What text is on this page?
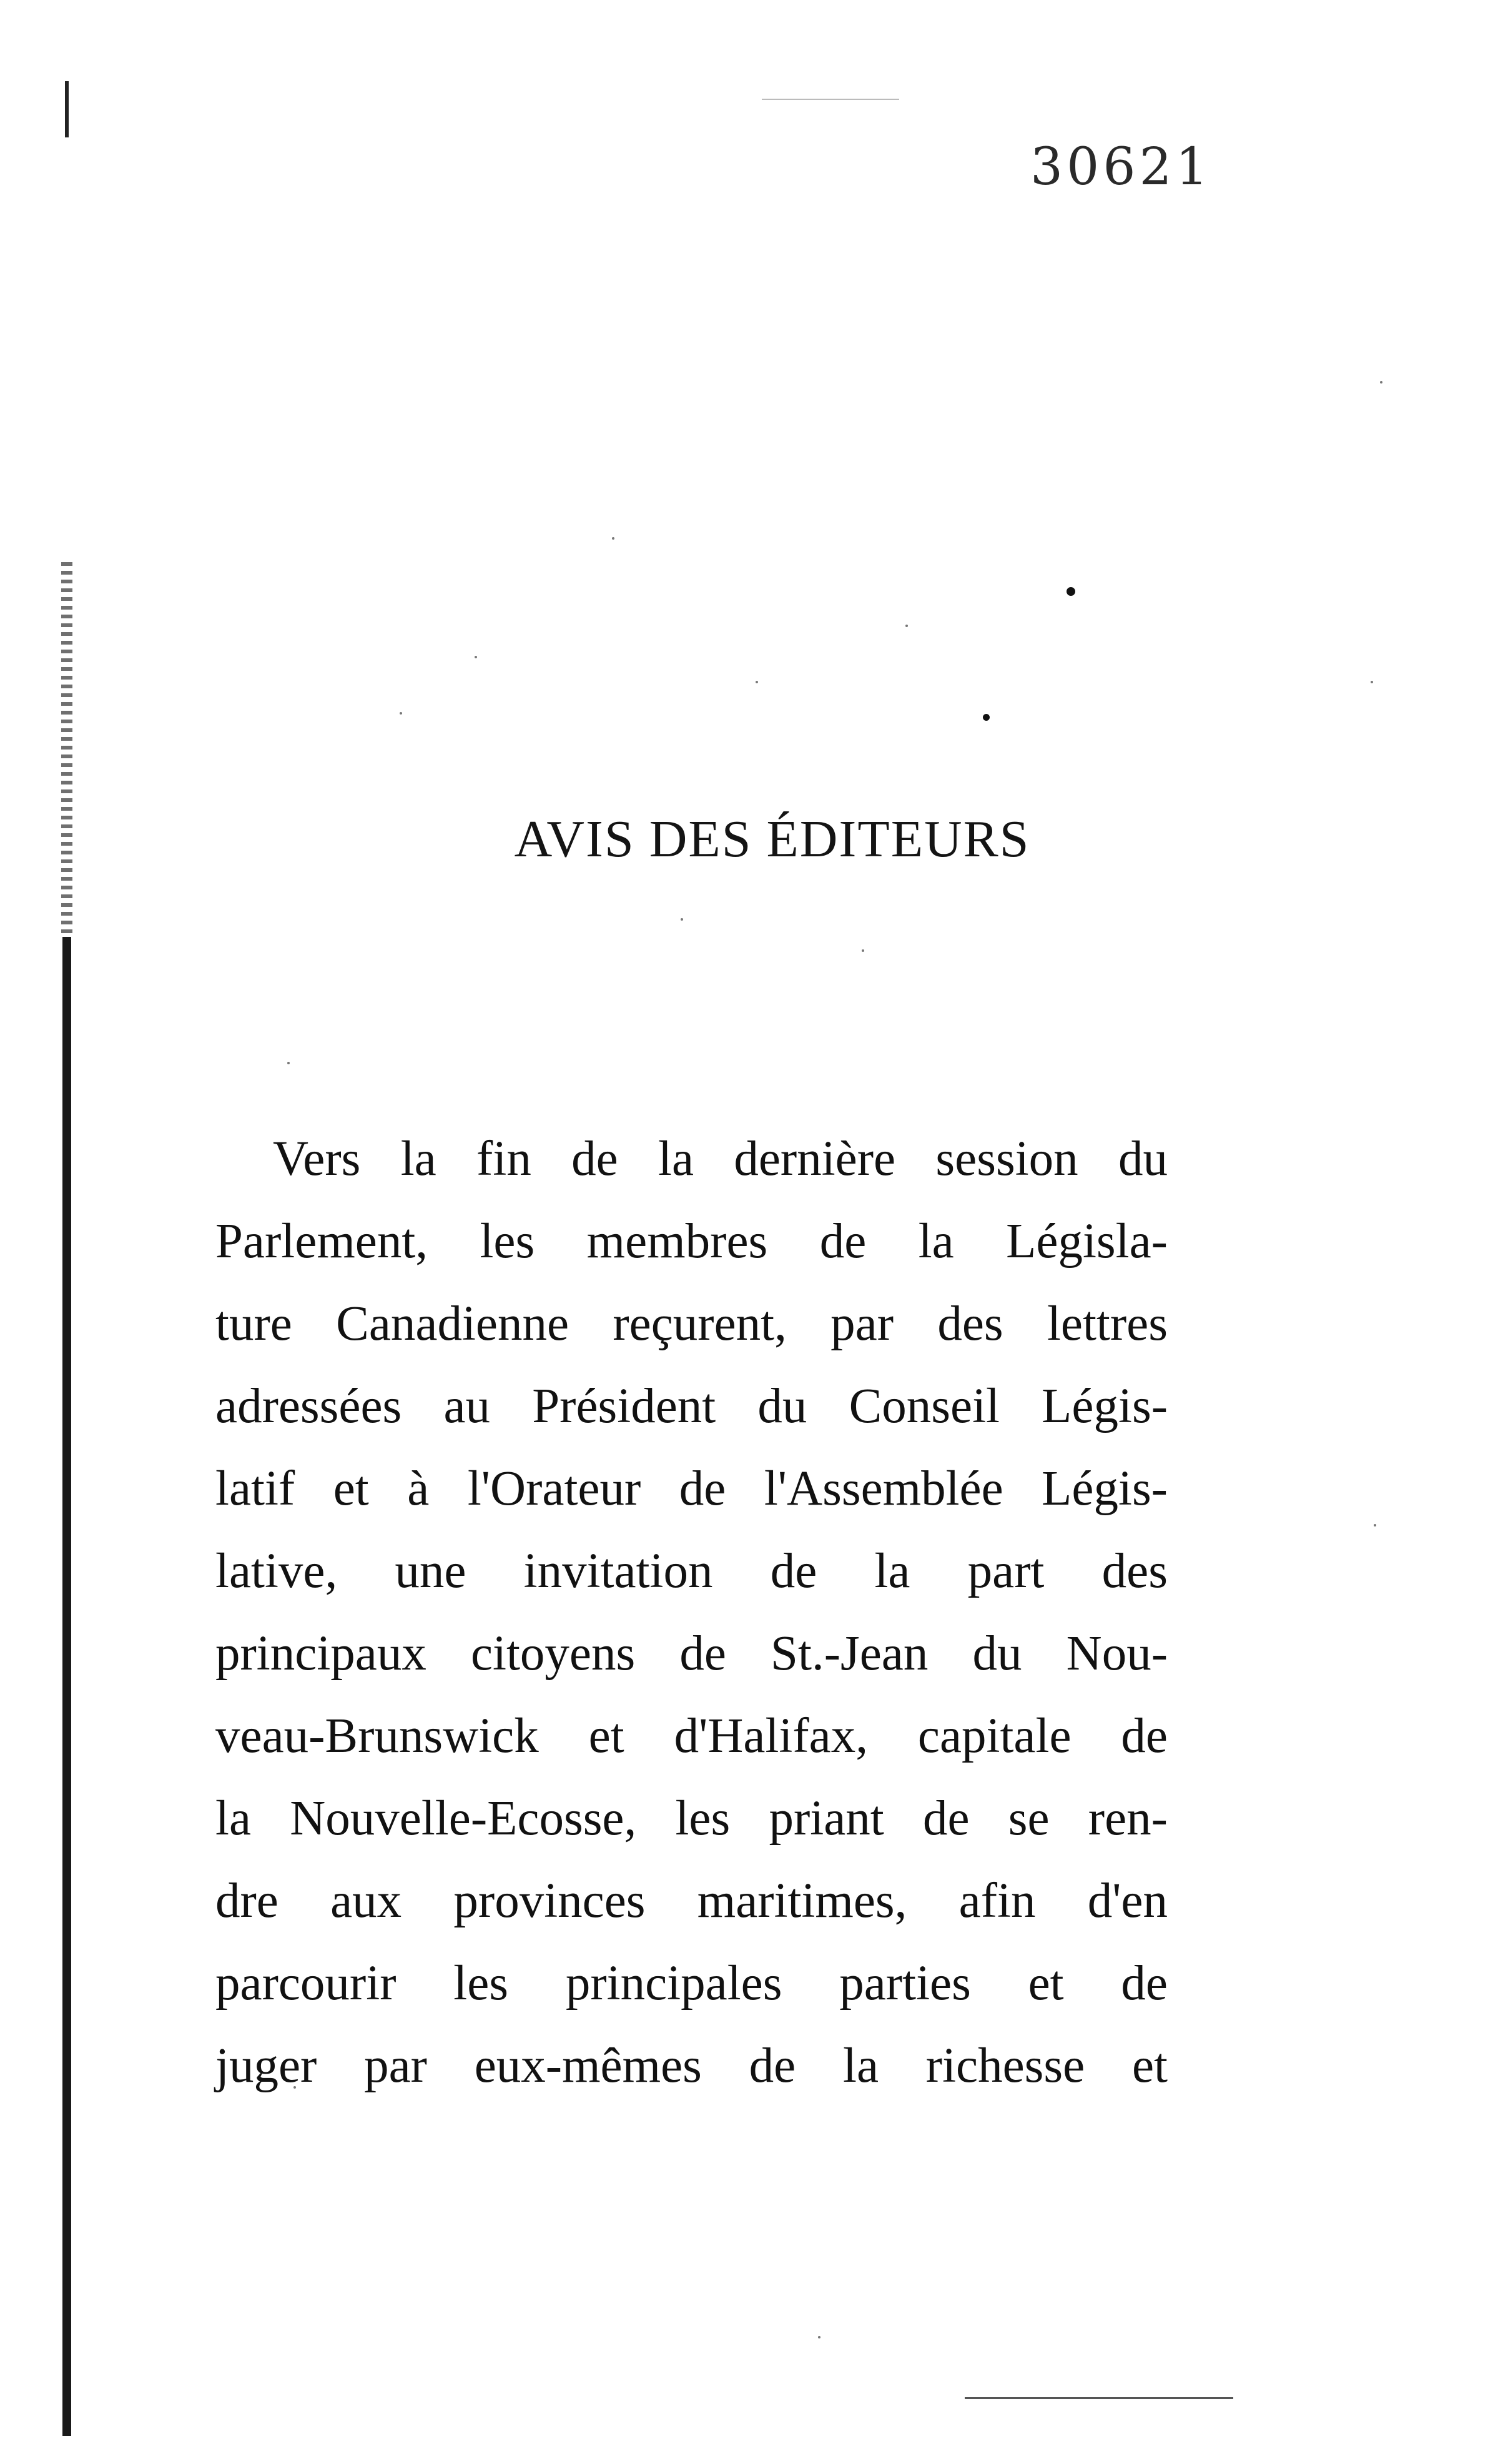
30621
AVIS DES ÉDITEURS
Vers la fin de la dernière session du
Parlement, les membres de la Législa-
ture Canadienne reçurent, par des lettres
adressées au Président du Conseil Légis-
latif et à l'Orateur de l'Assemblée Légis-
lative, une invitation de la part des
principaux citoyens de St.-Jean du Nou-
veau-Brunswick et d'Halifax, capitale de
la Nouvelle-Ecosse, les priant de se ren-
dre aux provinces maritimes, afin d'en
parcourir les principales parties et de
juger par eux-mêmes de la richesse et
